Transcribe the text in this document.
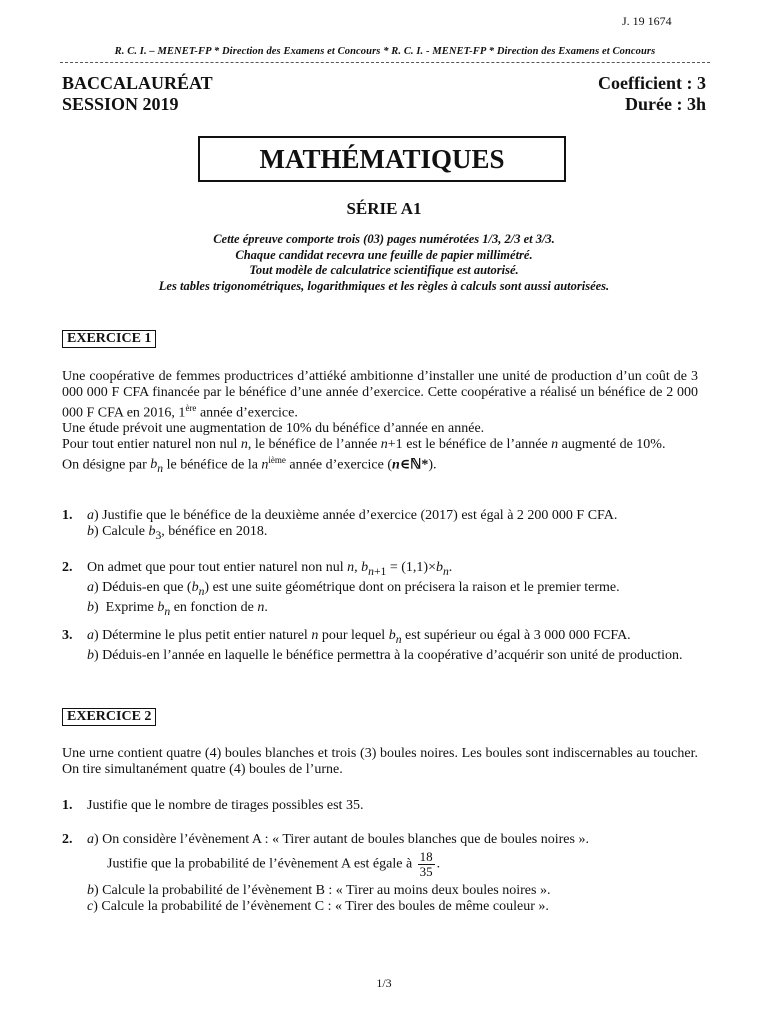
J. 19 1674
R. C. I. – MENET-FP * Direction des Examens et Concours * R. C. I. - MENET-FP * Direction des Examens et Concours
BACCALAURÉAT
SESSION 2019
Coefficient : 3
Durée : 3h
MATHÉMATIQUES
SÉRIE A1
Cette épreuve comporte trois (03) pages numérotées 1/3, 2/3 et 3/3.
Chaque candidat recevra une feuille de papier millimétré.
Tout modèle de calculatrice scientifique est autorisé.
Les tables trigonométriques, logarithmiques et les règles à calculs sont aussi autorisées.
EXERCICE 1
Une coopérative de femmes productrices d’attiéké ambitionne d’installer une unité de production d’un coût de 3 000 000 F CFA financée par le bénéfice d’une année d’exercice. Cette coopérative a réalisé un bénéfice de 2 000 000 F CFA en 2016, 1ère année d’exercice.
Une étude prévoit une augmentation de 10% du bénéfice d’année en année.
Pour tout entier naturel non nul n, le bénéfice de l’année n+1 est le bénéfice de l’année n augmenté de 10%.
On désigne par $b_n$ le bénéfice de la $n^{ième}$ année d’exercice (n∈ℕ*).
1. a) Justifie que le bénéfice de la deuxième année d’exercice (2017) est égal à 2 200 000 F CFA.
b) Calcule $b_3$, bénéfice en 2018.
2. On admet que pour tout entier naturel non nul n, $b_{n+1} = (1,1)\times b_n$.
a) Déduis-en que $(b_n)$ est une suite géométrique dont on précisera la raison et le premier terme.
b)  Exprime $b_n$ en fonction de n.
3. a) Détermine le plus petit entier naturel n pour lequel $b_n$ est supérieur ou égal à 3 000 000 FCFA.
b) Déduis-en l’année en laquelle le bénéfice permettra à la coopérative d’acquérir son unité de production.
EXERCICE 2
Une urne contient quatre (4) boules blanches et trois (3) boules noires. Les boules sont indiscernables au toucher. On tire simultanément quatre (4) boules de l’urne.
1. Justifie que le nombre de tirages possibles est 35.
2. a) On considère l’évènement A : « Tirer autant de boules blanches que de boules noires ».
Justifie que la probabilité de l’évènement A est égale à $\frac{18}{35}$ .
b) Calcule la probabilité de l’évènement B : « Tirer au moins deux boules noires ».
c) Calcule la probabilité de l’évènement C : « Tirer des boules de même couleur ».
1/3
